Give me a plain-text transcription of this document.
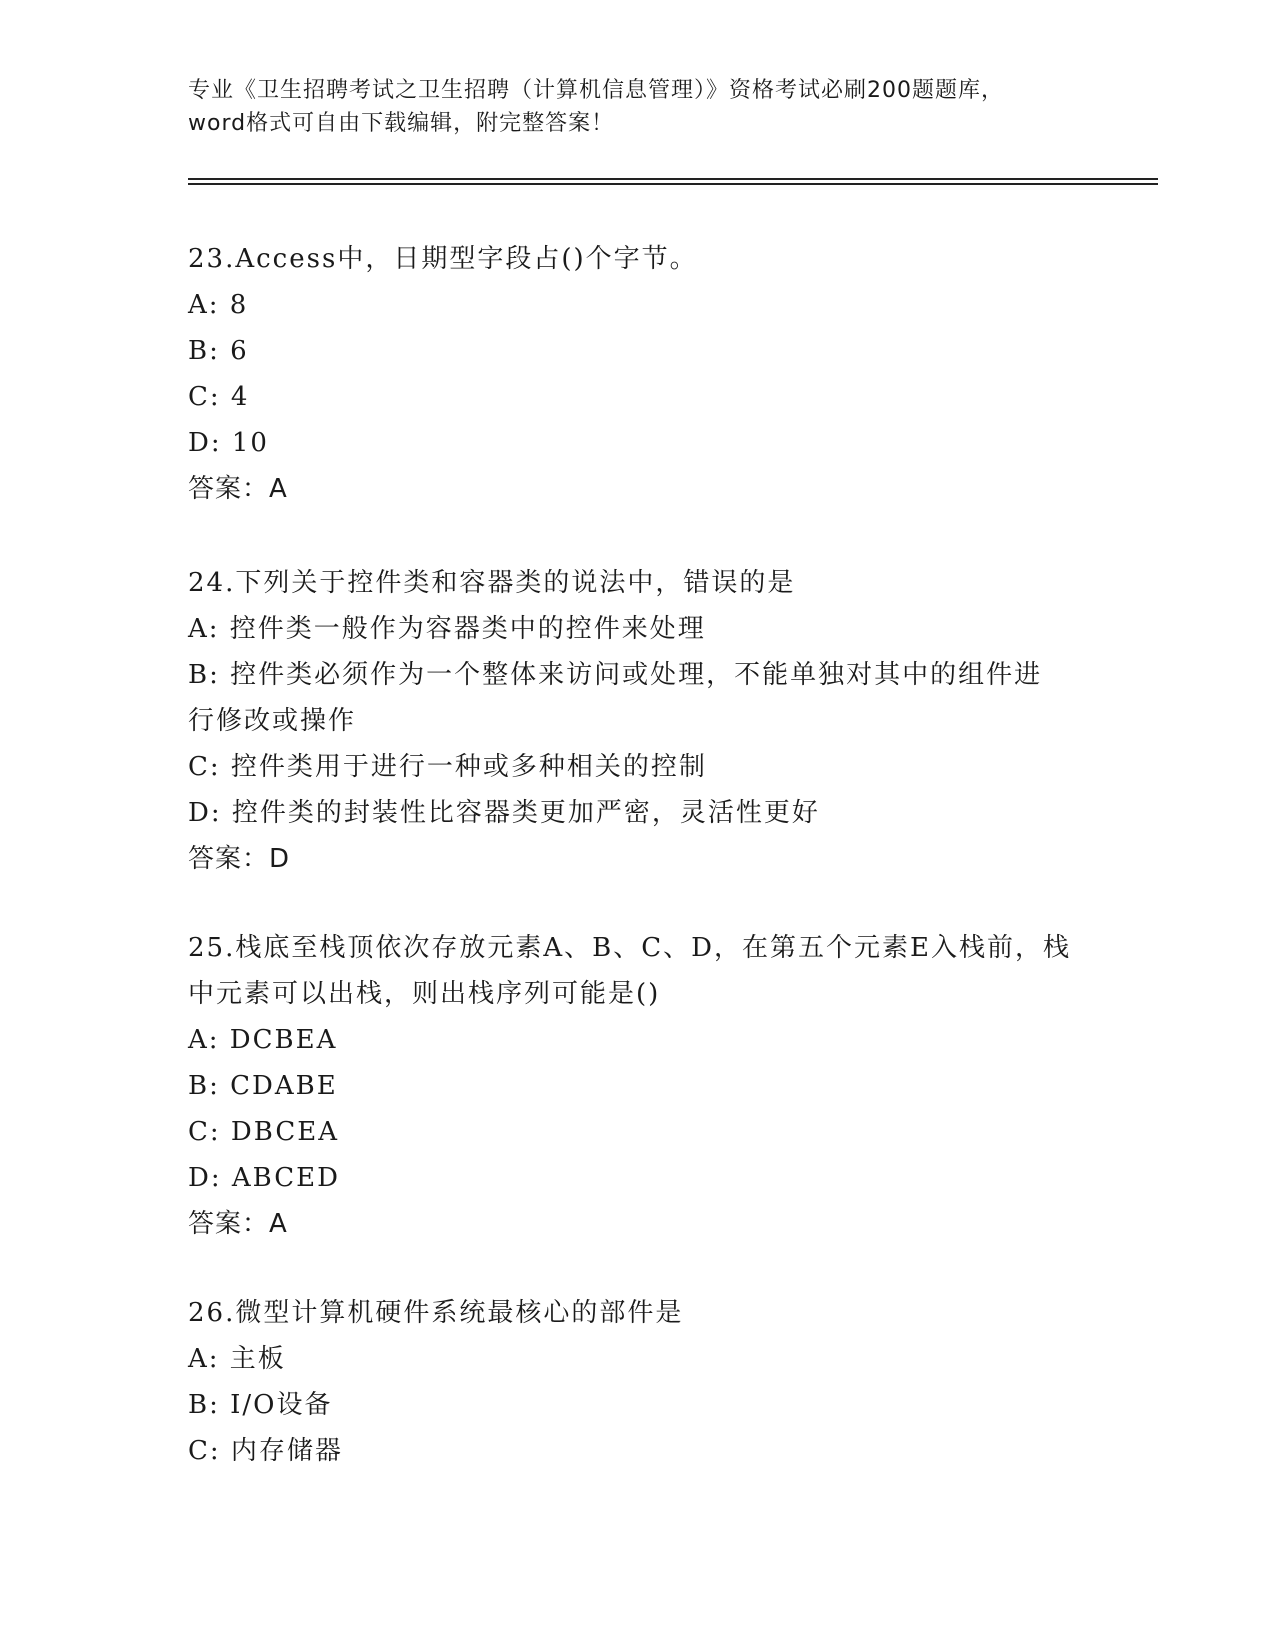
专业《卫生招聘考试之卫生招聘（计算机信息管理）》资格考试必刷200题题库，
word格式可自由下载编辑，附完整答案！

23.Access中，日期型字段占()个字节。

A: 8

B: 6

C: 4

D: 10

答案：A

24.下列关于控件类和容器类的说法中，错误的是

A: 控件类一般作为容器类中的控件来处理

B: 控件类必须作为一个整体来访问或处理，不能单独对其中的组件进

行修改或操作

C: 控件类用于进行一种或多种相关的控制

D: 控件类的封装性比容器类更加严密，灵活性更好

答案：D

25.栈底至栈顶依次存放元素A、B、C、D，在第五个元素E入栈前，栈

中元素可以出栈，则出栈序列可能是()

A: DCBEA

B: CDABE

C: DBCEA

D: ABCED

答案：A

26.微型计算机硬件系统最核心的部件是

A: 主板

B: I/O设备

C: 内存储器
